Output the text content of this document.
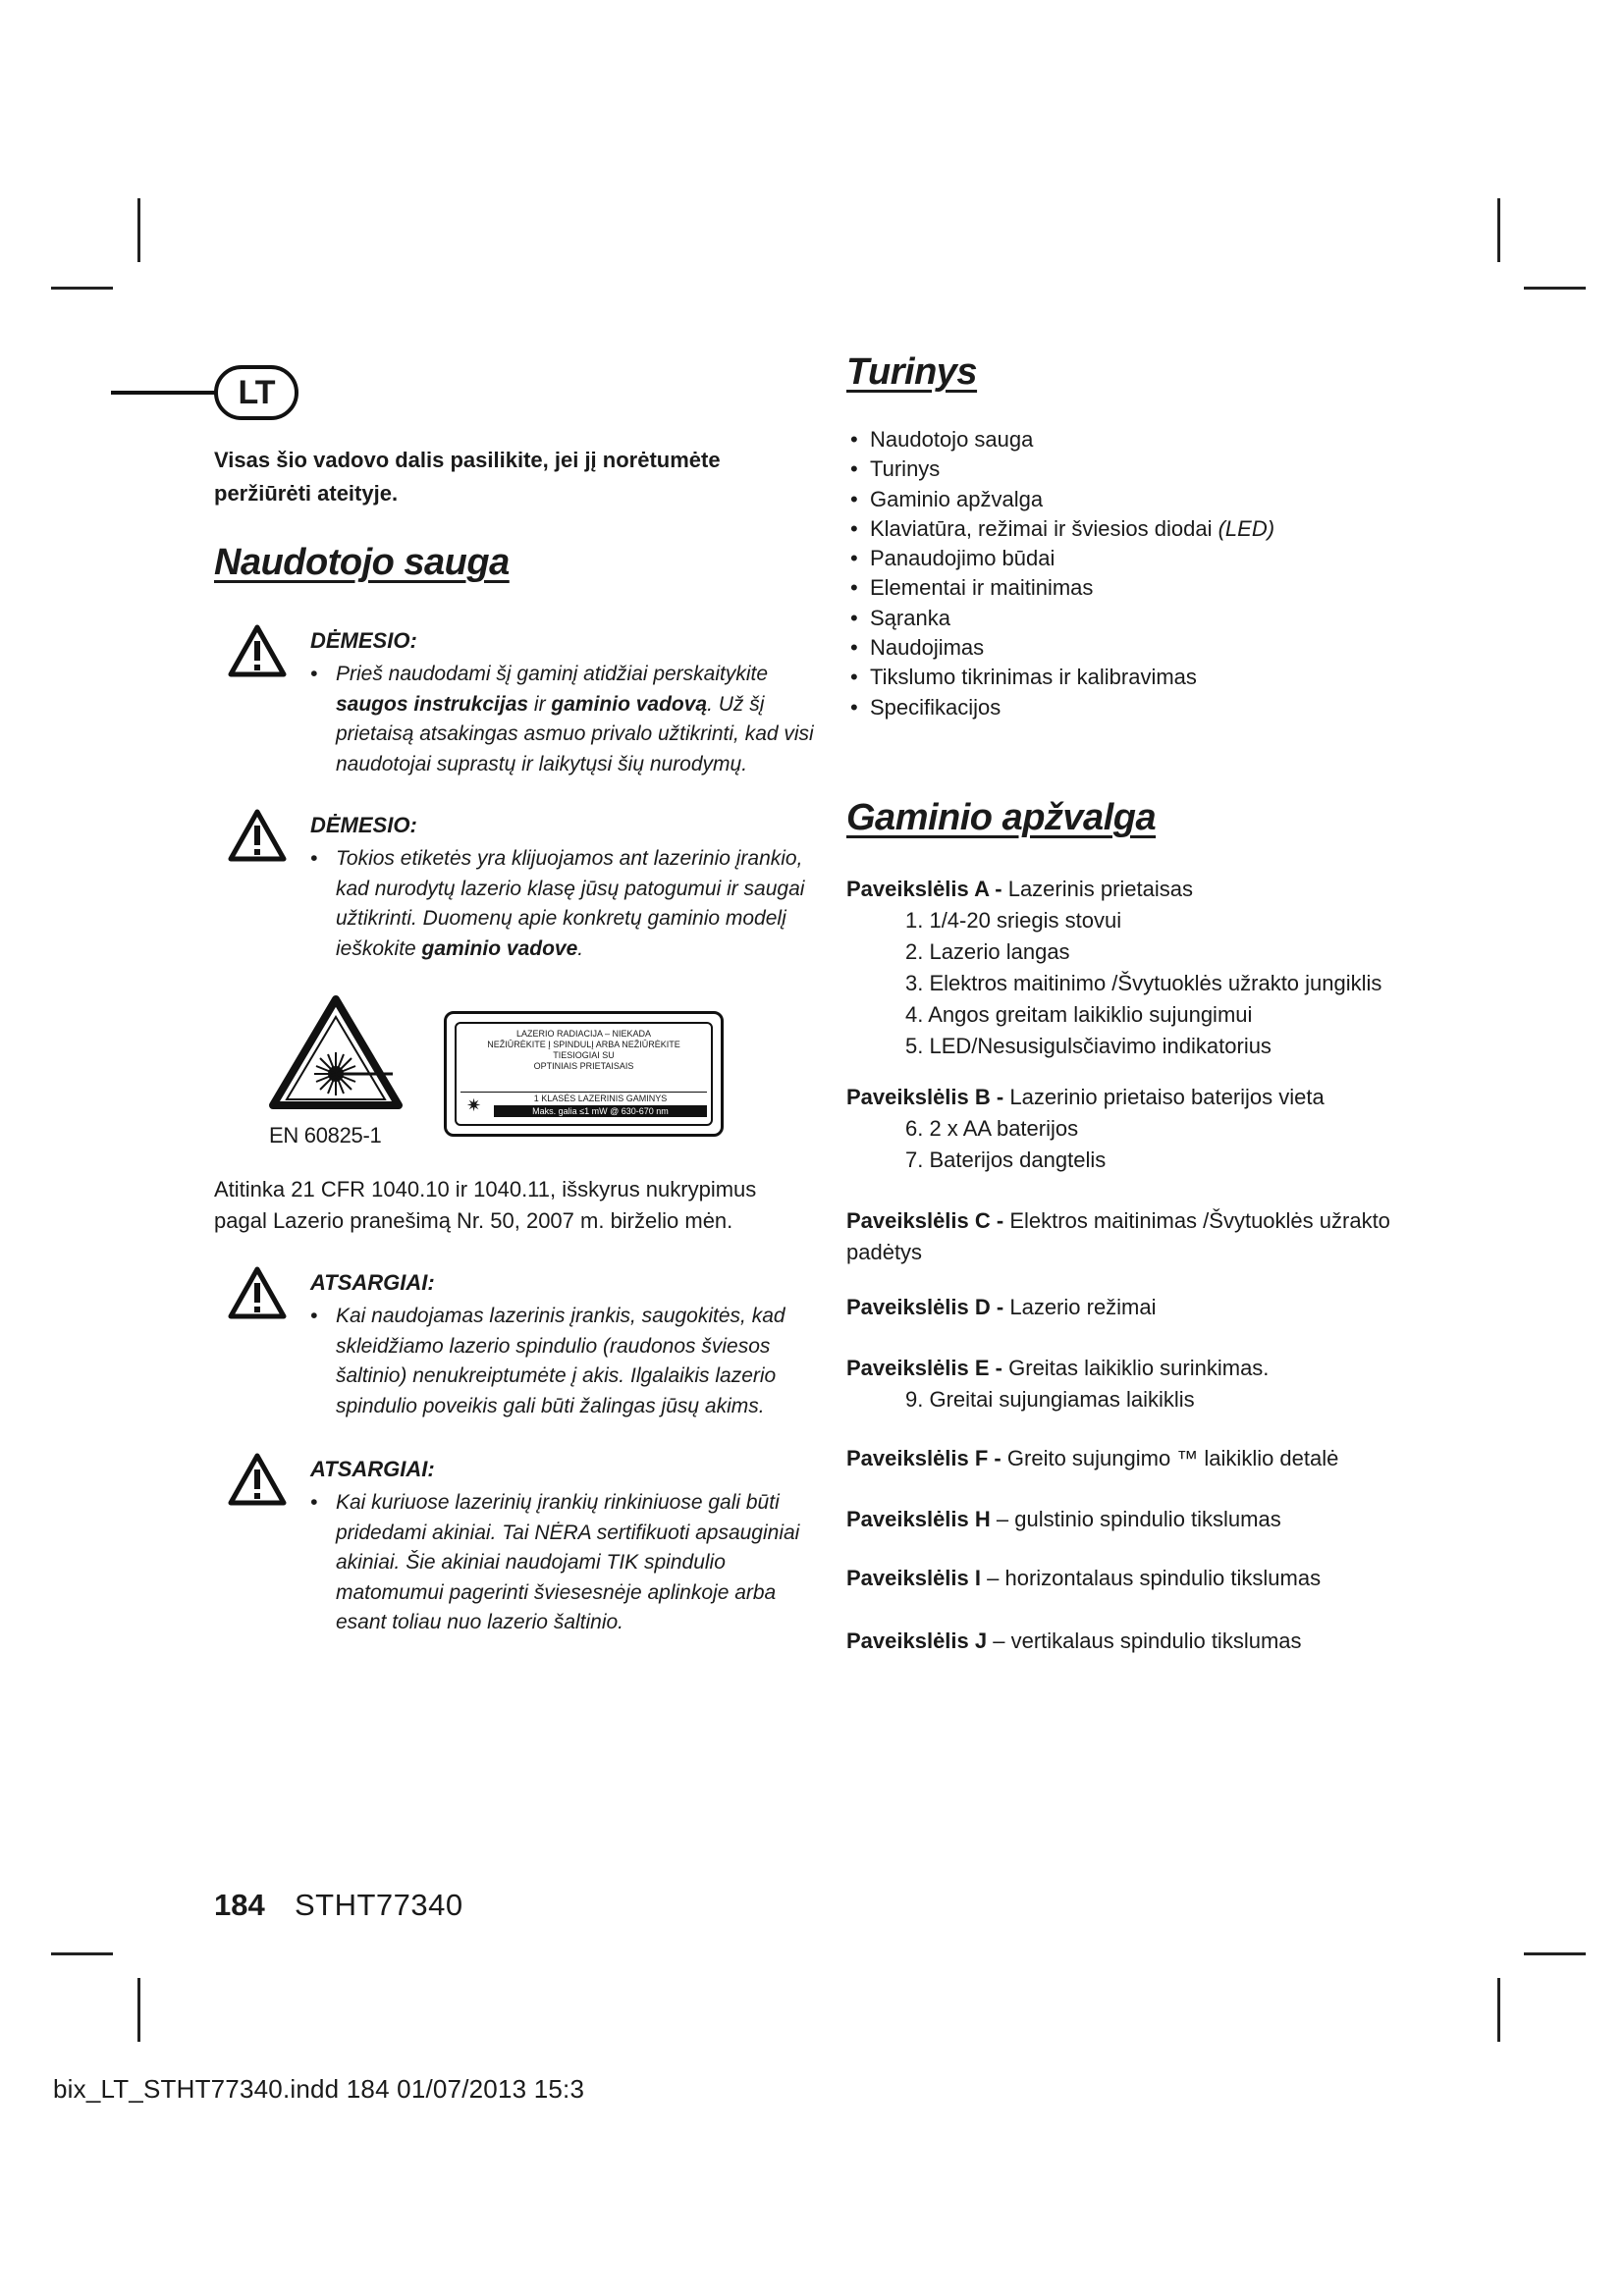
LT
Visas šio vadovo dalis pasilikite, jei jį norėtumėte peržiūrėti ateityje.
Naudotojo sauga
DĖMESIO:
• Prieš naudodami šį gaminį atidžiai perskaitykite saugos instrukcijas ir gaminio vadovą. Už šį prietaisą atsakingas asmuo privalo užtikrinti, kad visi naudotojai suprastų ir laikytųsi šių nurodymų.
DĖMESIO:
• Tokios etiketės yra klijuojamos ant lazerinio įrankio, kad nurodytų lazerio klasę jūsų patogumui ir saugai užtikrinti. Duomenų apie konkretų gaminio modelį ieškokite gaminio vadove.
EN 60825-1
LAZERIO RADIACIJA – NIEKADA
NEŽIŪRĖKITE Į SPINDULĮ ARBA NEŽIŪRĖKITE
TIESIOGIAI SU
OPTINIAIS PRIETAISAIS
✷	1 KLASĖS LAZERINIS GAMINYS
Maks. galia ≤1 mW @ 630-670 nm
Atitinka 21 CFR 1040.10 ir 1040.11, išskyrus nukrypimus pagal Lazerio pranešimą Nr. 50, 2007 m. birželio mėn.
ATSARGIAI:
• Kai naudojamas lazerinis įrankis, saugokitės, kad skleidžiamo lazerio spindulio (raudonos šviesos šaltinio) nenukreiptumėte į akis. Ilgalaikis lazerio spindulio poveikis gali būti žalingas jūsų akims.
ATSARGIAI:
• Kai kuriuose lazerinių įrankių rinkiniuose gali būti pridedami akiniai. Tai NĖRA sertifikuoti apsauginiai akiniai. Šie akiniai naudojami TIK spindulio matomumui pagerinti šviesesnėje aplinkoje arba esant toliau nuo lazerio šaltinio.
Turinys
• Naudotojo sauga
• Turinys
• Gaminio apžvalga
• Klaviatūra, režimai ir šviesios diodai (LED)
• Panaudojimo būdai
• Elementai ir maitinimas
• Sąranka
• Naudojimas
• Tikslumo tikrinimas ir kalibravimas
• Specifikacijos
Gaminio apžvalga
Paveikslėlis A - Lazerinis prietaisas
1. 1/4-20 sriegis stovui
2. Lazerio langas
3. Elektros maitinimo /Švytuoklės užrakto jungiklis
4. Angos greitam laikiklio sujungimui
5. LED/Nesusigulsčiavimo indikatorius
Paveikslėlis B - Lazerinio prietaiso baterijos vieta
6. 2 x AA baterijos
7. Baterijos dangtelis
Paveikslėlis C - Elektros maitinimas /Švytuoklės užrakto padėtys
Paveikslėlis D - Lazerio režimai
Paveikslėlis E - Greitas laikiklio surinkimas.
9. Greitai sujungiamas laikiklis
Paveikslėlis F - Greito sujungimo ™ laikiklio detalė
Paveikslėlis H – gulstinio spindulio tikslumas
Paveikslėlis I – horizontalaus spindulio tikslumas
Paveikslėlis J – vertikalaus spindulio tikslumas
184 STHT77340
bix_LT_STHT77340.indd 184 01/07/2013 15:3
